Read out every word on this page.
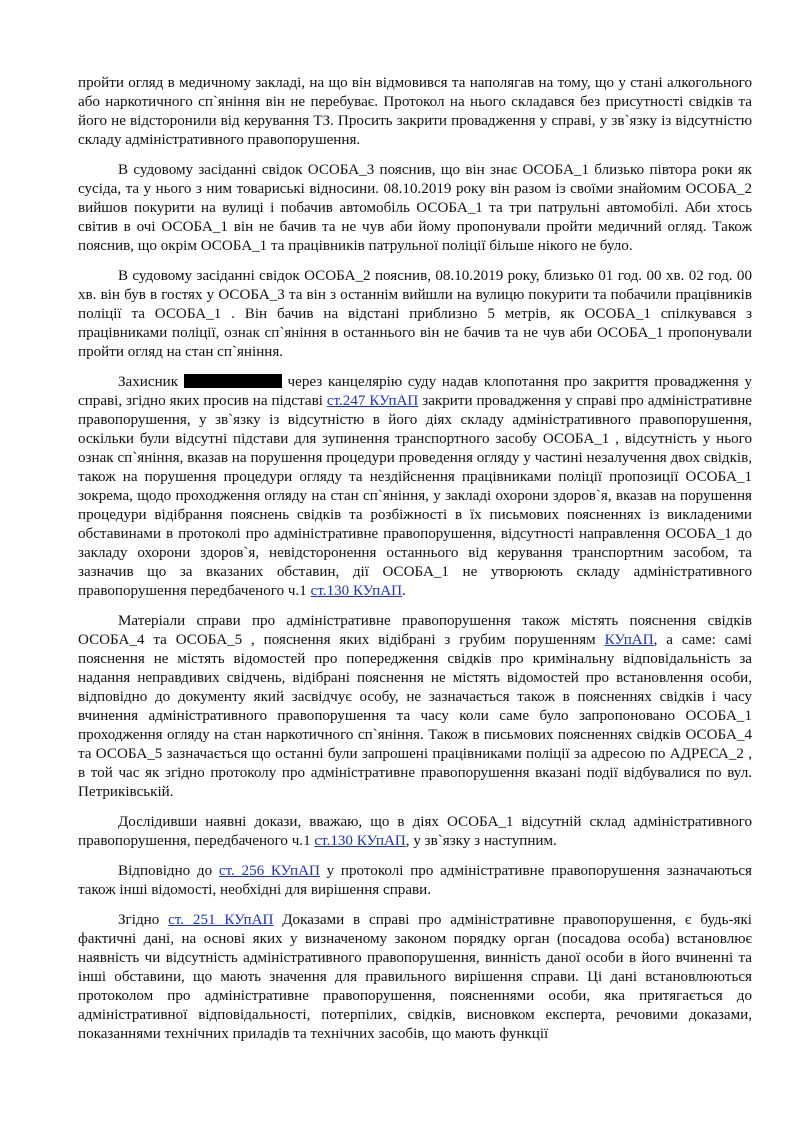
пройти огляд в медичному закладі, на що він відмовився та наполягав на тому, що у стані алкогольного або наркотичного сп`яніння він не перебуває. Протокол на нього складався без присутності свідків та його не відсторонили від керування ТЗ. Просить закрити провадження у справі, у зв`язку із відсутністю складу адміністративного правопорушення.

В судовому засіданні свідок ОСОБА_3 пояснив, що він знає ОСОБА_1 близько півтора роки як сусіда, та у нього з ним товариські відносини. 08.10.2019 року він разом із своїми знайомим ОСОБА_2 вийшов покурити на вулиці і побачив автомобіль ОСОБА_1 та три патрульні автомобілі. Аби хтось світив в очі ОСОБА_1 він не бачив та не чув аби йому пропонували пройти медичний огляд. Також пояснив, що окрім ОСОБА_1 та працівників патрульної поліції більше нікого не було.

В судовому засіданні свідок ОСОБА_2 пояснив, 08.10.2019 року, близько 01 год. 00 хв. 02 год. 00 хв. він був в гостях у ОСОБА_3 та він з останнім вийшли на вулицю покурити та побачили працівників поліції та ОСОБА_1 . Він бачив на відстані приблизно 5 метрів, як ОСОБА_1 спілкувався з працівниками поліції, ознак сп`яніння в останнього він не бачив та не чув аби ОСОБА_1 пропонували пройти огляд на стан сп`яніння.

Захисник	через канцелярію суду надав клопотання про закриття провадження у справі, згідно яких просив на підставі ст.247 КУпАП закрити провадження у справі про адміністративне правопорушення, у зв`язку із відсутністю в його діях складу адміністративного правопорушення, оскільки були відсутні підстави для зупинення транспортного засобу ОСОБА_1 , відсутність у нього ознак сп`яніння, вказав на порушення процедури проведення огляду у частині незалучення двох свідків, також на порушення процедури огляду та нездійснення працівниками поліції пропозиції ОСОБА_1 зокрема, щодо проходження огляду на стан сп`яніння, у закладі охорони здоров`я, вказав на порушення процедури відібрання пояснень свідків та розбіжності в їх письмових поясненнях із викладеними обставинами в протоколі про адміністративне правопорушення, відсутності направлення ОСОБА_1 до закладу охорони здоров`я, невідсторонення останнього від керування транспортним засобом, та зазначив що за вказаних обставин, дії ОСОБА_1 не утворюють складу адміністративного правопорушення передбаченого ч.1 ст.130 КУпАП.

Матеріали справи про адміністративне правопорушення також містять пояснення свідків ОСОБА_4 та ОСОБА_5 , пояснення яких відібрані з грубим порушенням КУпАП, а саме: самі пояснення не містять відомостей про попередження свідків про кримінальну відповідальність за надання неправдивих свідчень, відібрані пояснення не містять відомостей про встановлення особи, відповідно до документу який засвідчує особу, не зазначається також в поясненнях свідків і часу вчинення адміністративного правопорушення та часу коли саме було запропоновано ОСОБА_1 проходження огляду на стан наркотичного сп`яніння. Також в письмових поясненнях свідків ОСОБА_4 та ОСОБА_5 зазначається що останні були запрошені працівниками поліції за адресою по АДРЕСА_2 , в той час як згідно протоколу про адміністративне правопорушення вказані події відбувалися по вул. Петриківській.

Дослідивши наявні докази, вважаю, що в діях ОСОБА_1 відсутній склад адміністративного правопорушення, передбаченого ч.1 ст.130 КУпАП, у зв`язку з наступним.

Відповідно до ст. 256 КУпАП у протоколі про адміністративне правопорушення зазначаються також інші відомості, необхідні для вирішення справи.

Згідно ст. 251 КУпАП Доказами в справі про адміністративне правопорушення, є будь-які фактичні дані, на основі яких у визначеному законом порядку орган (посадова особа) встановлює наявність чи відсутність адміністративного правопорушення, винність даної особи в його вчиненні та інші обставини, що мають значення для правильного вирішення справи. Ці дані встановлюються протоколом про адміністративне правопорушення, поясненнями особи, яка притягається до адміністративної відповідальності, потерпілих, свідків, висновком експерта, речовими доказами, показаннями технічних приладів та технічних засобів, що мають функції
